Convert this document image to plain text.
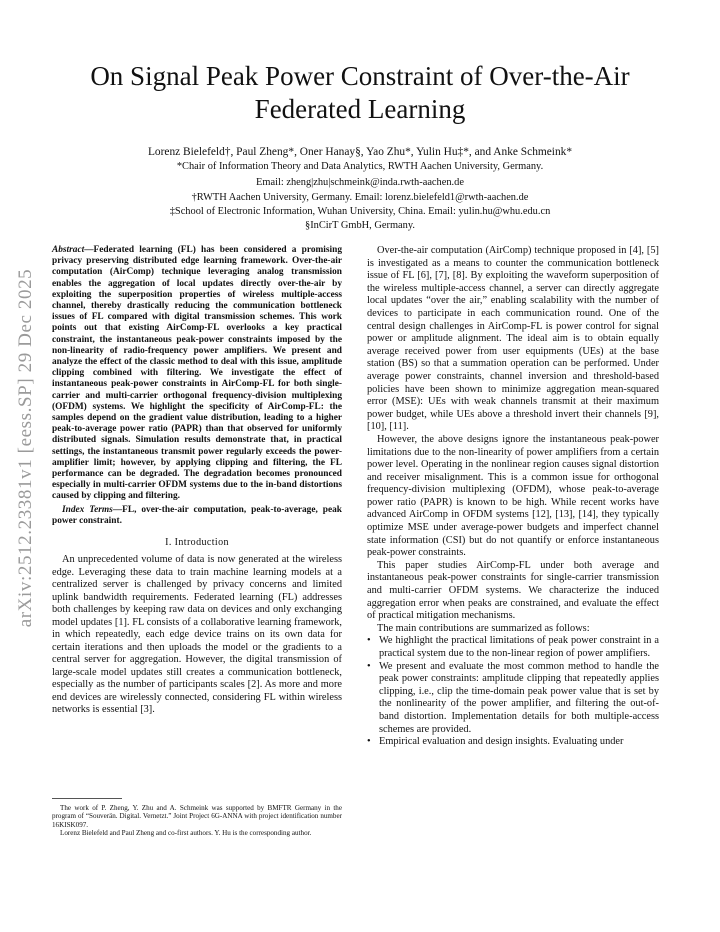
arXiv:2512.23381v1 [eess.SP] 29 Dec 2025
On Signal Peak Power Constraint of Over-the-Air Federated Learning
Lorenz Bielefeld†, Paul Zheng*, Oner Hanay§, Yao Zhu*, Yulin Hu‡*, and Anke Schmeink*
*Chair of Information Theory and Data Analytics, RWTH Aachen University, Germany.
Email: zheng|zhu|schmeink@inda.rwth-aachen.de
†RWTH Aachen University, Germany. Email: lorenz.bielefeld1@rwth-aachen.de
‡School of Electronic Information, Wuhan University, China. Email: yulin.hu@whu.edu.cn
§InCirT GmbH, Germany.

Abstract—Federated learning (FL) has been considered a promising privacy preserving distributed edge learning framework. Over-the-air computation (AirComp) technique leveraging analog transmission enables the aggregation of local updates directly over-the-air by exploiting the superposition properties of wireless multiple-access channel, thereby drastically reducing the communication bottleneck issues of FL compared with digital transmission schemes. This work points out that existing AirComp-FL overlooks a key practical constraint, the instantaneous peak-power constraints imposed by the non-linearity of radio-frequency power amplifiers. We present and analyze the effect of the classic method to deal with this issue, amplitude clipping combined with filtering. We investigate the effect of instantaneous peak-power constraints in AirComp-FL for both single-carrier and multi-carrier orthogonal frequency-division multiplexing (OFDM) systems. We highlight the specificity of AirComp-FL: the samples depend on the gradient value distribution, leading to a higher peak-to-average power ratio (PAPR) than that observed for uniformly distributed signals. Simulation results demonstrate that, in practical settings, the instantaneous transmit power regularly exceeds the power-amplifier limit; however, by applying clipping and filtering, the FL performance can be degraded. The degradation becomes pronounced especially in multi-carrier OFDM systems due to the in-band distortions caused by clipping and filtering.

Index Terms—FL, over-the-air computation, peak-to-average, peak power constraint.

I. Introduction

An unprecedented volume of data is now generated at the wireless edge. Leveraging these data to train machine learning models at a centralized server is challenged by privacy concerns and limited uplink bandwidth requirements. Federated learning (FL) addresses both challenges by keeping raw data on devices and only exchanging model updates [1]. FL consists of a collaborative learning framework, in which repeatedly, each edge device trains on its own data for certain iterations and then uploads the model or the gradients to a central server for aggregation. However, the digital transmission of large-scale model updates still creates a communication bottleneck, especially as the number of participants scales [2]. As more and more end devices are wirelessly connected, considering FL within wireless networks is essential [3].

The work of P. Zheng, Y. Zhu and A. Schmeink was supported by BMFTR Germany in the program of “Souverän. Digital. Vernetzt.” Joint Project 6G-ANNA with project identification number 16KISK097.

Lorenz Bielefeld and Paul Zheng and co-first authors. Y. Hu is the corresponding author.

Over-the-air computation (AirComp) technique proposed in [4], [5] is investigated as a means to counter the communication bottleneck issue of FL [6], [7], [8]. By exploiting the waveform superposition of the wireless multiple-access channel, a server can directly aggregate local updates “over the air,” enabling scalability with the number of devices to participate in each communication round. One of the central design challenges in AirComp-FL is power control for signal power or amplitude alignment. The ideal aim is to obtain equally average received power from user equipments (UEs) at the base station (BS) so that a summation operation can be performed. Under average power constraints, channel inversion and threshold-based policies have been shown to minimize aggregation mean-squared error (MSE): UEs with weak channels transmit at their maximum power budget, while UEs above a threshold invert their channels [9], [10], [11].

However, the above designs ignore the instantaneous peak-power limitations due to the non-linearity of power amplifiers from a certain power level. Operating in the nonlinear region causes signal distortion and receiver misalignment. This is a common issue for orthogonal frequency-division multiplexing (OFDM), whose peak-to-average power ratio (PAPR) is known to be high. While recent works have advanced AirComp in OFDM systems [12], [13], [14], they typically optimize MSE under average-power budgets and imperfect channel state information (CSI) but do not quantify or enforce instantaneous peak-power constraints.

This paper studies AirComp-FL under both average and instantaneous peak-power constraints for single-carrier transmission and multi-carrier OFDM systems. We characterize the induced aggregation error when peaks are constrained, and evaluate the effect of practical mitigation mechanisms.

The main contributions are summarized as follows:

• We highlight the practical limitations of peak power constraint in a practical system due to the non-linear region of power amplifiers.
• We present and evaluate the most common method to handle the peak power constraints: amplitude clipping that repeatedly applies clipping, i.e., clip the time-domain peak power value that is set by the nonlinearity of the power amplifier, and filtering the out-of-band distortion. Implementation details for both multiple-access schemes are provided.
• Empirical evaluation and design insights. Evaluating under
